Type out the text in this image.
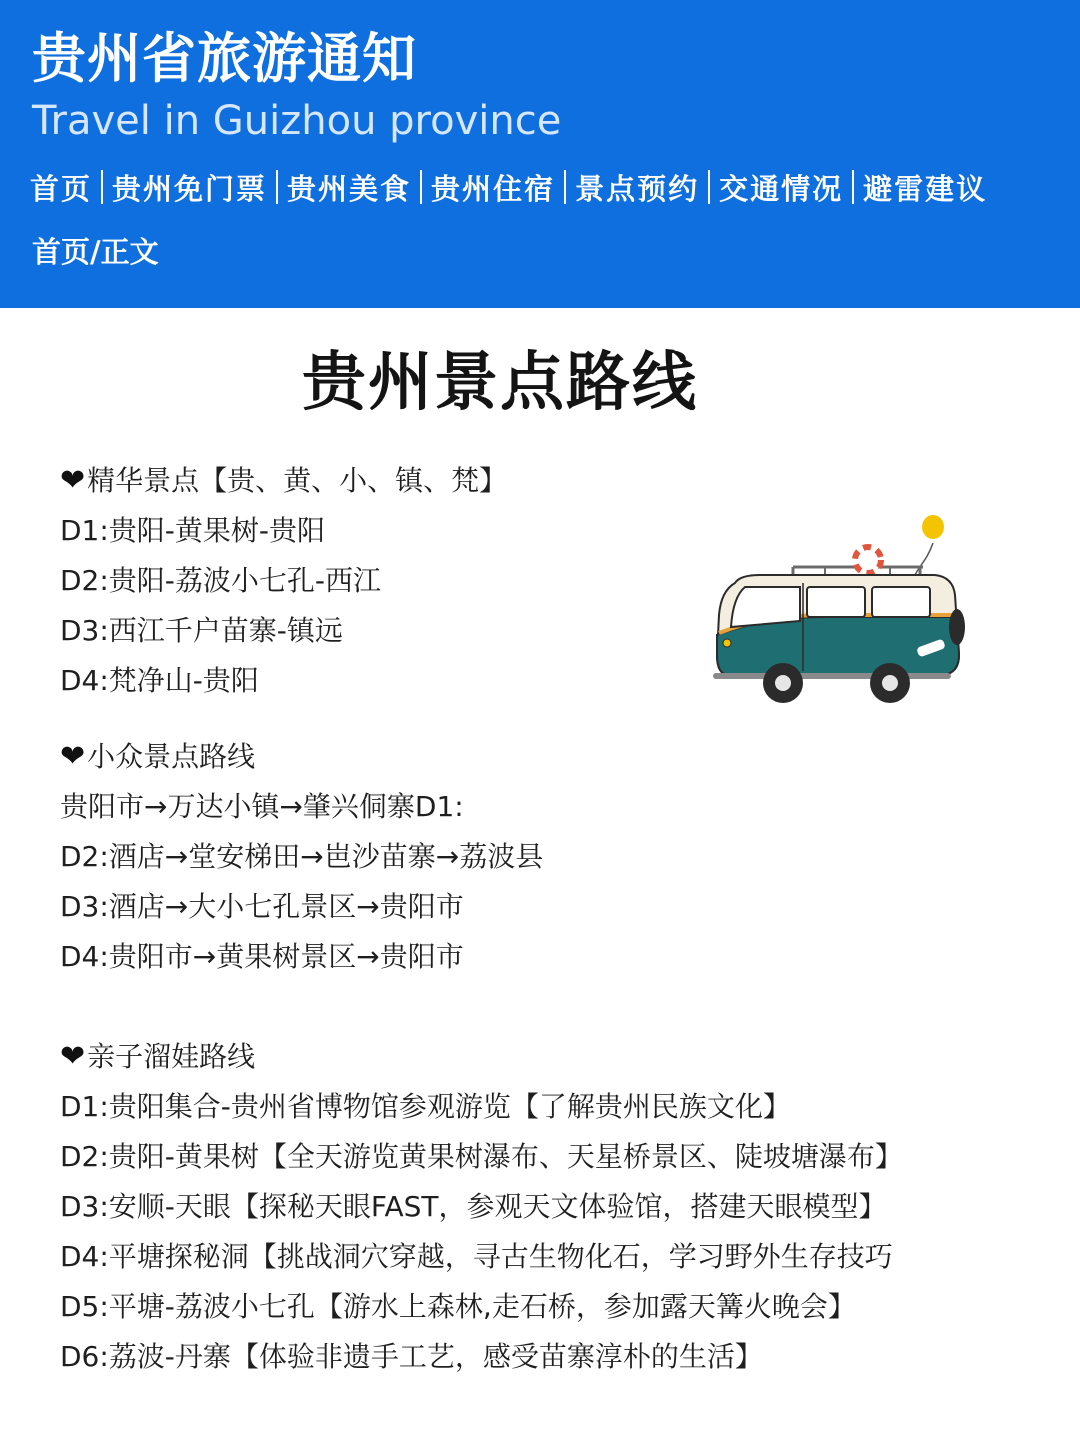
贵州省旅游通知
Travel in Guizhou province
首页 贵州免门票 贵州美食 贵州住宿 景点预约 交通情况 避雷建议
首页/正文
贵州景点路线
❤精华景点【贵、黄、小、镇、梵】
D1:贵阳-黄果树-贵阳
D2:贵阳-荔波小七孔-西江
D3:西江千户苗寨-镇远
D4:梵净山-贵阳
❤小众景点路线
贵阳市→万达小镇→肇兴侗寨D1:
D2:酒店→堂安梯田→岜沙苗寨→荔波县
D3:酒店→大小七孔景区→贵阳市
D4:贵阳市→黄果树景区→贵阳市
❤亲子溜娃路线
D1:贵阳集合-贵州省博物馆参观游览【了解贵州民族文化】
D2:贵阳-黄果树【全天游览黄果树瀑布、天星桥景区、陡坡塘瀑布】
D3:安顺-天眼【探秘天眼FAST，参观天文体验馆，搭建天眼模型】
D4:平塘探秘洞【挑战洞穴穿越，寻古生物化石，学习野外生存技巧
D5:平塘-荔波小七孔【游水上森林,走石桥，参加露天篝火晚会】
D6:荔波-丹寨【体验非遗手工艺，感受苗寨淳朴的生活】
